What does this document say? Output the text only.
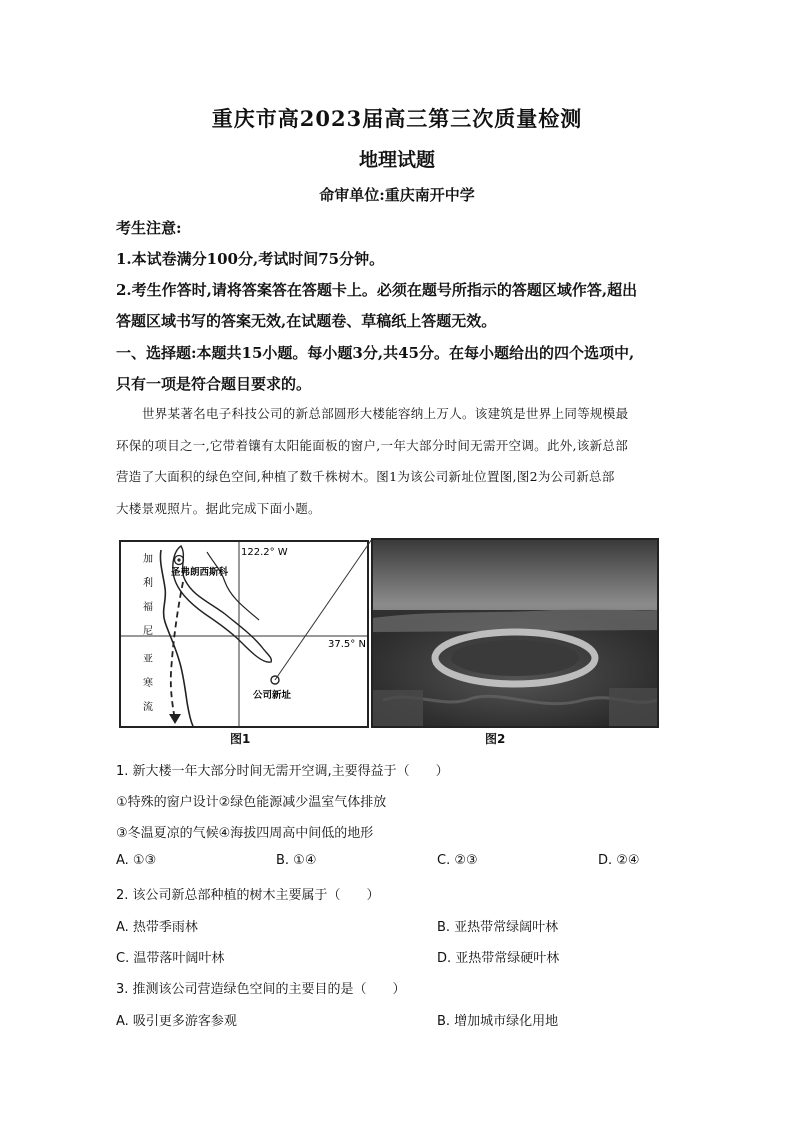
重庆市高2023届高三第三次质量检测
地理试题
命审单位:重庆南开中学
考生注意:
1.本试卷满分100分,考试时间75分钟。
2.考生作答时,请将答案答在答题卡上。必须在题号所指示的答题区域作答,超出
答题区域书写的答案无效,在试题卷、草稿纸上答题无效。
一、选择题:本题共15小题。每小题3分,共45分。在每小题给出的四个选项中,
只有一项是符合题目要求的。
世界某著名电子科技公司的新总部圆形大楼能容纳上万人。该建筑是世界上同等规模最
环保的项目之一,它带着镶有太阳能面板的窗户,一年大部分时间无需开空调。此外,该新总部
营造了大面积的绿色空间,种植了数千株树木。图1为该公司新址位置图,图2为公司新总部
大楼景观照片。据此完成下面小题。
122.2° W
圣弗朗西斯科
37.5° N
公司新址
加
利
福
尼
亚
寒
流
图1	图2
1. 新大楼一年大部分时间无需开空调,主要得益于（　　）
①特殊的窗户设计②绿色能源减少温室气体排放
③冬温夏凉的气候④海拔四周高中间低的地形
A. ①③	B. ①④	C. ②③	D. ②④
2. 该公司新总部种植的树木主要属于（　　）
A. 热带季雨林	B. 亚热带常绿阔叶林
C. 温带落叶阔叶林	D. 亚热带常绿硬叶林
3. 推测该公司营造绿色空间的主要目的是（　　）
A. 吸引更多游客参观	B. 增加城市绿化用地
